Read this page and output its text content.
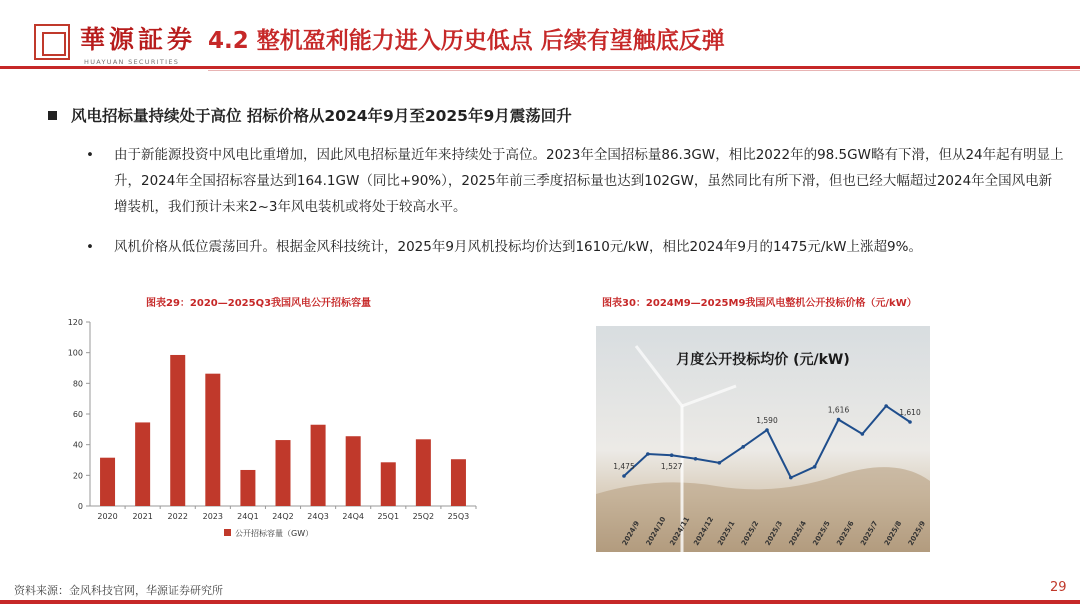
華源証券
HUAYUAN SECURITIES
4.2 整机盈利能力进入历史低点 后续有望触底反弹
风电招标量持续处于高位 招标价格从2024年9月至2025年9月震荡回升
• 由于新能源投资中风电比重增加，因此风电招标量近年来持续处于高位。2023年全国招标量86.3GW，相比2022年的98.5GW略有下滑，但从24年起有明显上升，2024年全国招标容量达到164.1GW（同比+90%），2025年前三季度招标量也达到102GW，虽然同比有所下滑，但也已经大幅超过2024年全国风电新增装机，我们预计未来2~3年风电装机或将处于较高水平。
• 风机价格从低位震荡回升。根据金风科技统计，2025年9月风机投标均价达到1610元/kW，相比2024年9月的1475元/kW上涨超9%。
图表29：2020—2025Q3我国风电公开招标容量	图表30：2024M9—2025M9我国风电整机公开投标价格（元/kW）
0
20
40
60
80
100
120
2020 2021 2022 2023 24Q1 24Q2 24Q3 24Q4 25Q1 25Q2 25Q3
公开招标容量（GW）
月度公开投标均价 (元/kW)
1,475	1,527
1,590
1,616	1,610
2024/9 2024/10 2024/11 2024/12 2025/1 2025/2 2025/3 2025/4 2025/5 2025/6 2025/7 2025/8 2025/9
资料来源：金风科技官网，华源证券研究所	29
